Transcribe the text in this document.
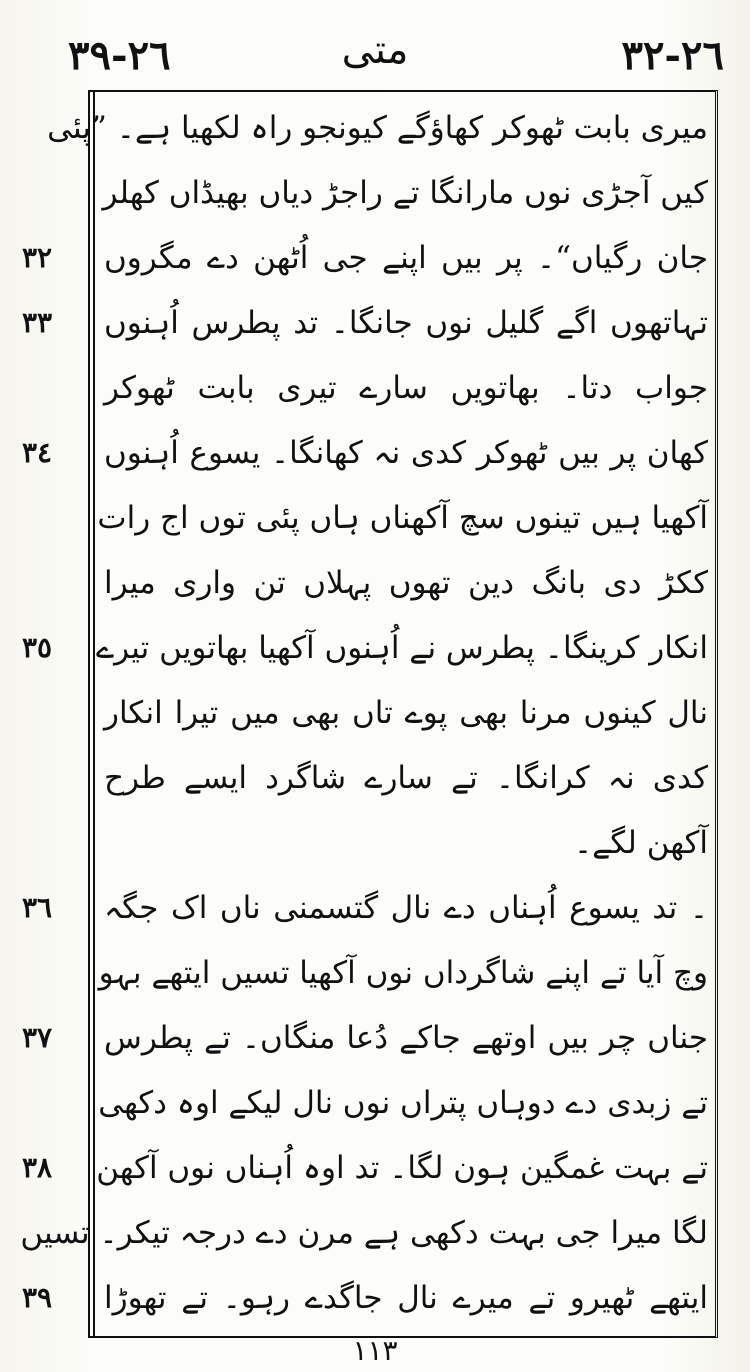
٢٦-٣٩	متی	٢٦-٣٢
میری بابت ٹھوکر کھاؤگے کیونجو راہ لکھیا ہے۔ ”پئی
کیں آجڑی نوں مارانگا تے راجڑ دیاں بھیڈاں کھلر
جان رگیاں“۔ پر بیں اپنے جی اُٹھن دے مگروں
تہاتھوں اگے گلیل نوں جانگا۔ تد پطرس اُہنوں
جواب دتا۔ بھاتویں سارے تیری بابت ٹھوکر
کھان پر بیں ٹھوکر کدی نہ کھانگا۔ یسوع اُہنوں
آکھیا ہیں تینوں سچ آکھناں ہاں پئی توں اج رات
ککڑ دی بانگ دین تھوں پہلاں تن واری میرا
انکار کرینگا۔ پطرس نے اُہنوں آکھیا بھاتویں تیرے
نال کینوں مرنا بھی پوے تاں بھی میں تیرا انکار
کدی نہ کرانگا۔ تے سارے شاگرد ایسے طرح
آکھن لگے۔
۔ تد یسوع اُہناں دے نال گتسمنی ناں اک جگہ
وچ آیا تے اپنے شاگرداں نوں آکھیا تسیں ایتھے بہو
جناں چر بیں اوتھے جاکے دُعا منگاں۔ تے پطرس
تے زبدی دے دوہاں پتراں نوں نال لیکے اوہ دکھی
تے بہت غمگین ہون لگا۔ تد اوہ اُہناں نوں آکھن
لگا میرا جی بہت دکھی ہے مرن دے درجہ تیکر۔ تسیں
ایتھے ٹھیرو تے میرے نال جاگدے رہو۔ تے تھوڑا
٣٢
٣٣
٣٤
٣٥
٣٦
٣٧
٣٨
٣٩
١١٣
